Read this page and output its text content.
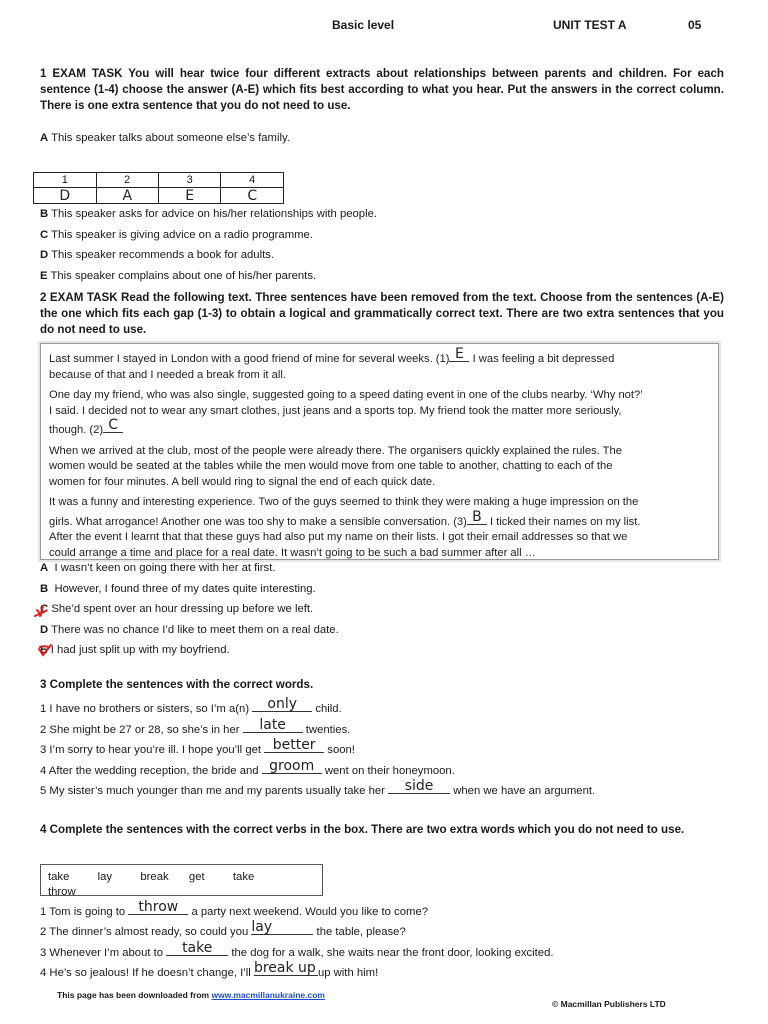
Basic level	UNIT TEST A	05
1 EXAM TASK You will hear twice four different extracts about relationships between parents and children. For each sentence (1-4) choose the answer (A-E) which fits best according to what you hear. Put the answers in the correct column. There is one extra sentence that you do not need to use.
A This speaker talks about someone else’s family.
1	2	3	4
D	A	E	C
B This speaker asks for advice on his/her relationships with people.
C This speaker is giving advice on a radio programme.
D This speaker recommends a book for adults.
E This speaker complains about one of his/her parents.
2 EXAM TASK Read the following text. Three sentences have been removed from the text. Choose from the sentences (A-E) the one which fits each gap (1-3) to obtain a logical and grammatically correct text. There are two extra sentences that you do not need to use.

Last summer I stayed in London with a good friend of mine for several weeks. (1) E I was feeling a bit depressed
because of that and I needed a break from it all.

One day my friend, who was also single, suggested going to a speed dating event in one of the clubs nearby. ‘Why not?’
I said. I decided not to wear any smart clothes, just jeans and a sports top. My friend took the matter more seriously,
though. (2) C

When we arrived at the club, most of the people were already there. The organisers quickly explained the rules. The
women would be seated at the tables while the men would move from one table to another, chatting to each of the
women for four minutes. A bell would ring to signal the end of each quick date.

It was a funny and interesting experience. Two of the guys seemed to think they were making a huge impression on the
girls. What arrogance! Another one was too shy to make a sensible conversation. (3) B I ticked their names on my list.
After the event I learnt that that these guys had also put my name on their lists. I got their email addresses so that we
could arrange a time and place for a real date. It wasn’t going to be such a bad summer after all …

A I wasn’t keen on going there with her at first.
B However, I found three of my dates quite interesting.
C She’d spent over an hour dressing up before we left.
D There was no chance I’d like to meet them on a real date.
E I had just split up with my boyfriend.
3 Complete the sentences with the correct words.
1 I have no brothers or sisters, so I’m a(n)	only	child.
2 She might be 27 or 28, so she’s in her	late	twenties.
3 I’m sorry to hear you’re ill. I hope you’ll get better soon!
4 After the wedding reception, the bride and groom went on their honeymoon.
5 My sister’s much younger than me and my parents usually take her	side	when we have an argument.
4 Complete the sentences with the correct verbs in the box. There are two extra words which you do not need to use.
take	lay	break get	take
throw
1 Tom is going to throw a party next weekend. Would you like to come?
2 The dinner’s almost ready, so could you lay	the table, please?
3 Whenever I’m about to	take	the dog for a walk, she waits near the front door, looking excited.
4 He’s so jealous! If he doesn’t change, I’ll break up up with him!
This page has been downloaded from www.macmillanukraine.com
© Macmillan Publishers LTD
